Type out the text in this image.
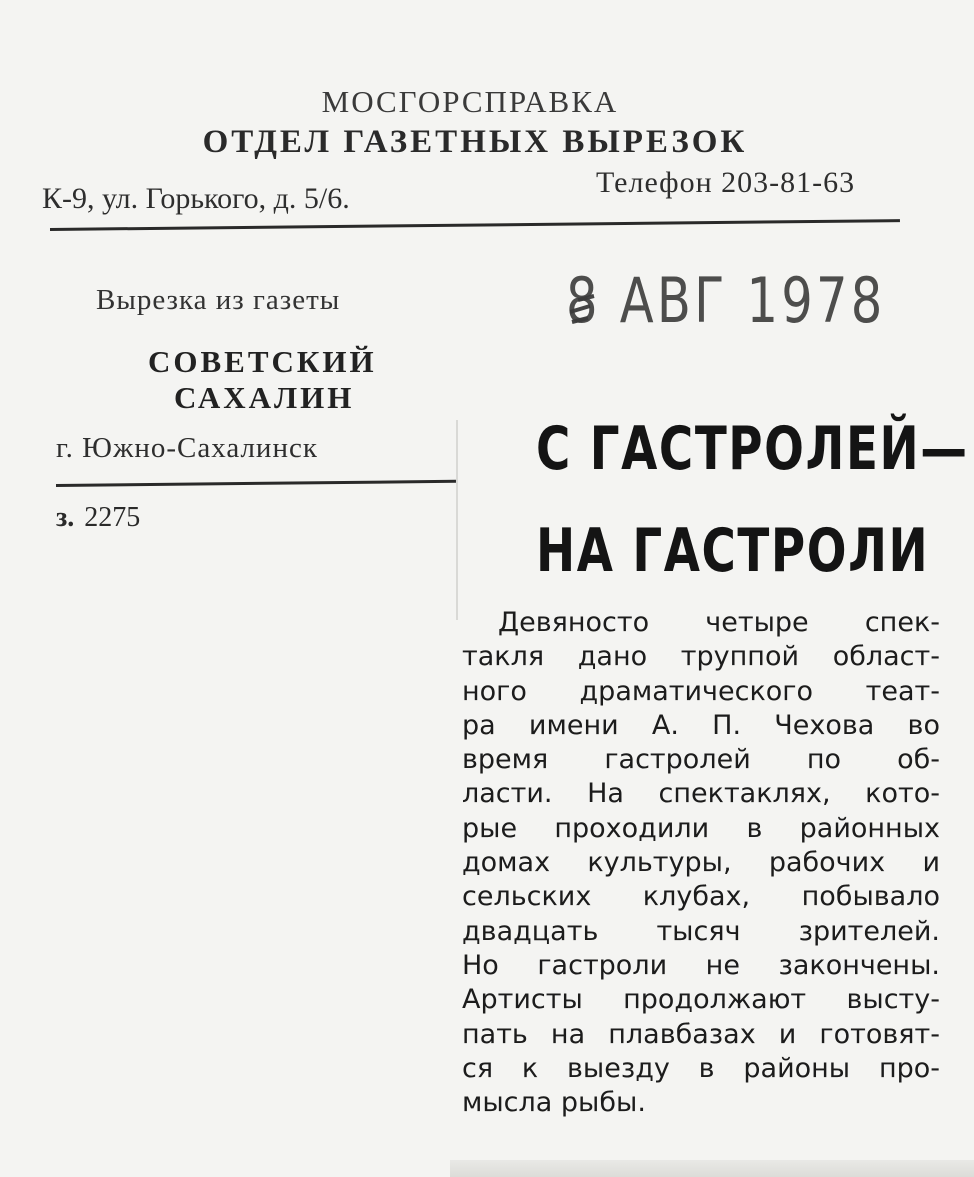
МОСГОРСПРАВКА
ОТДЕЛ ГАЗЕТНЫХ ВЫРЕЗОК
К-9, ул. Горького, д. 5/6.	Телефон 203-81-63
Вырезка из газеты
СОВЕТСКИЙ
САХАЛИН
г. Южно-Сахалинск
з. 2275
8 АВГ 1978
С ГАСТРОЛЕЙ—
НА ГАСТРОЛИ
Девяносто четыре спек-
такля дано труппой област-
ного драматического теат-
ра имени А. П. Чехова во
время гастролей по об-
ласти. На спектаклях, кото-
рые проходили в районных
домах культуры, рабочих и
сельских клубах, побывало
двадцать тысяч зрителей.
Но гастроли не закончены.
Артисты продолжают высту-
пать на плавбазах и готовят-
ся к выезду в районы про-
мысла рыбы.
